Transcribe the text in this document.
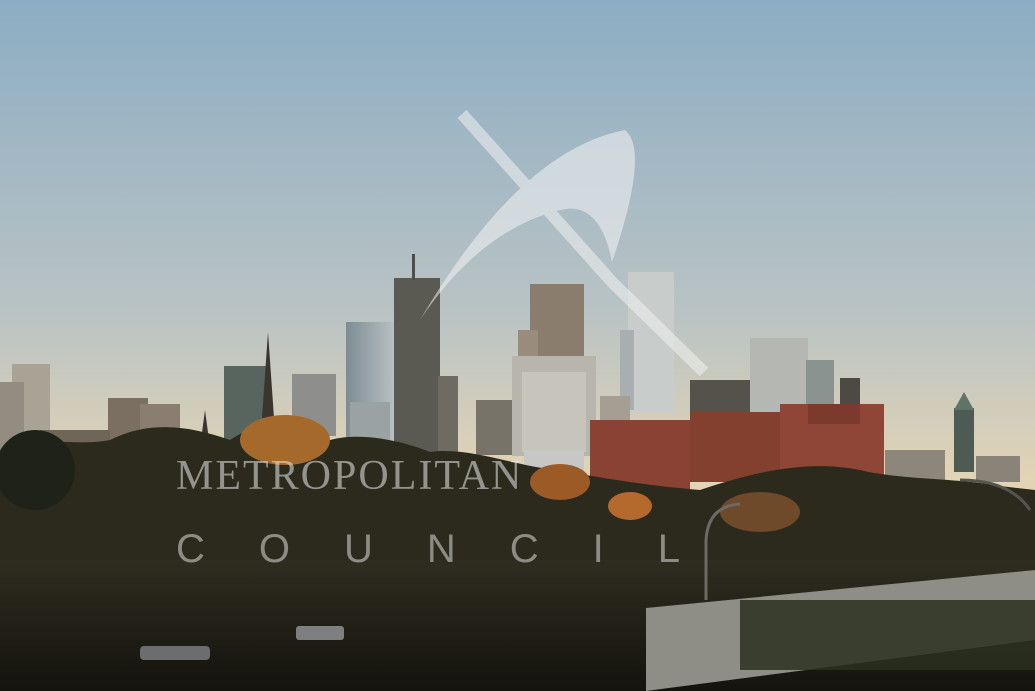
METROPOLITAN
COUNCIL
